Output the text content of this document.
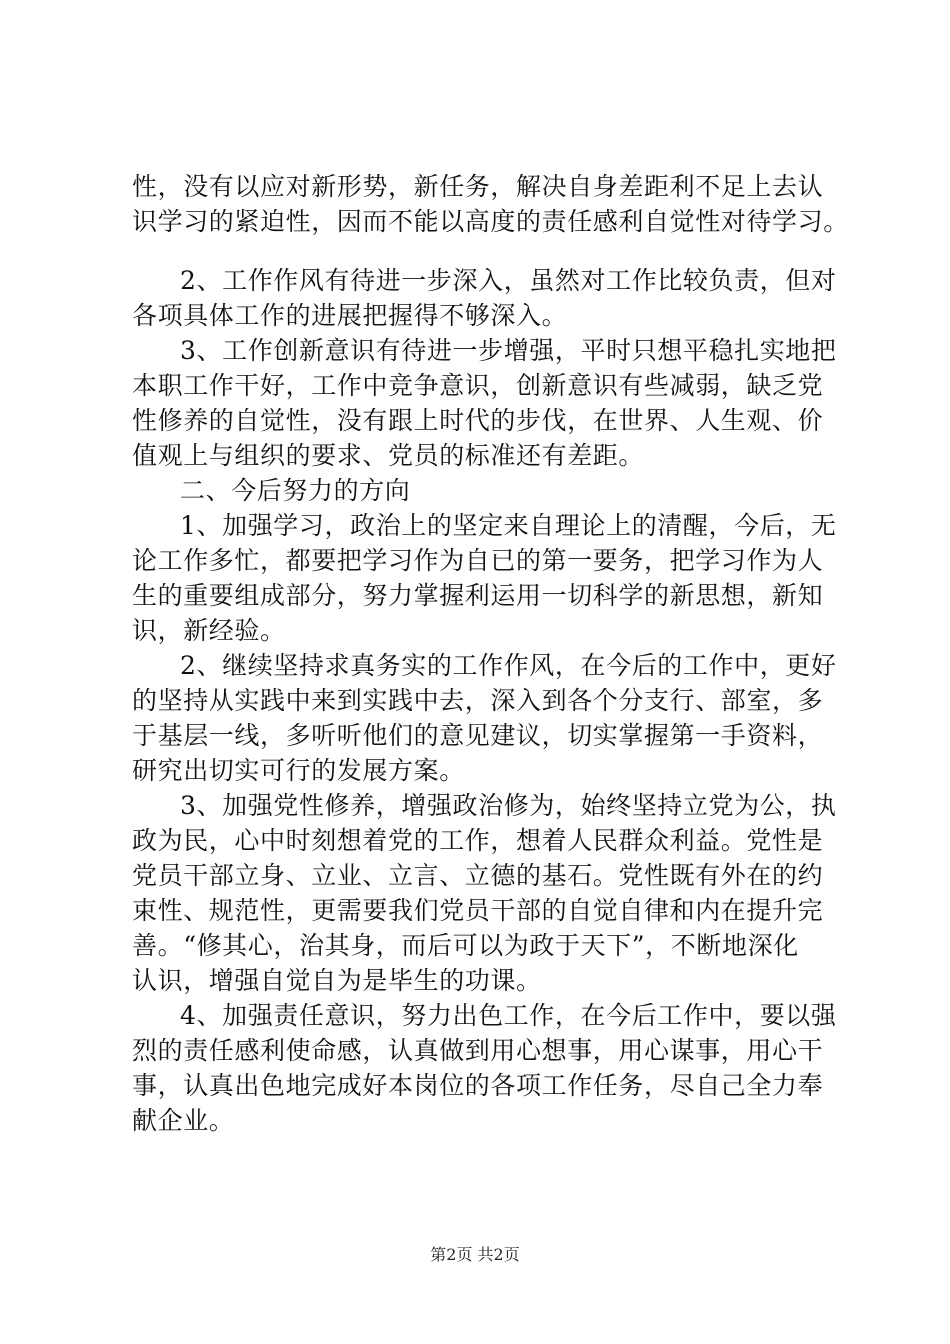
性，没有以应对新形势，新任务，解决自身差距利不足上去认
识学习的紧迫性，因而不能以高度的责任感利自觉性对待学习。
2、工作作风有待进一步深入，虽然对工作比较负责，但对
各项具体工作的进展把握得不够深入。
3、工作创新意识有待进一步增强，平时只想平稳扎实地把
本职工作干好，工作中竞争意识，创新意识有些减弱，缺乏党
性修养的自觉性，没有跟上时代的步伐，在世界、人生观、价
值观上与组织的要求、党员的标准还有差距。
二、今后努力的方向
1、加强学习，政治上的坚定来自理论上的清醒，今后，无
论工作多忙，都要把学习作为自已的第一要务，把学习作为人
生的重要组成部分，努力掌握利运用一切科学的新思想，新知
识，新经验。
2、继续坚持求真务实的工作作风，在今后的工作中，更好
的坚持从实践中来到实践中去，深入到各个分支行、部室，多
于基层一线，多听听他们的意见建议，切实掌握第一手资料，
研究出切实可行的发展方案。
3、加强党性修养，增强政治修为，始终坚持立党为公，执
政为民，心中时刻想着党的工作，想着人民群众利益。党性是
党员干部立身、立业、立言、立德的基石。党性既有外在的约
束性、规范性，更需要我们党员干部的自觉自律和内在提升完
善。“修其心，治其身，而后可以为政于天下”，不断地深化
认识，增强自觉自为是毕生的功课。
4、加强责任意识，努力出色工作，在今后工作中，要以强
烈的责任感利使命感，认真做到用心想事，用心谋事，用心干
事，认真出色地完成好本岗位的各项工作任务，尽自己全力奉
献企业。
第2页 共2页
